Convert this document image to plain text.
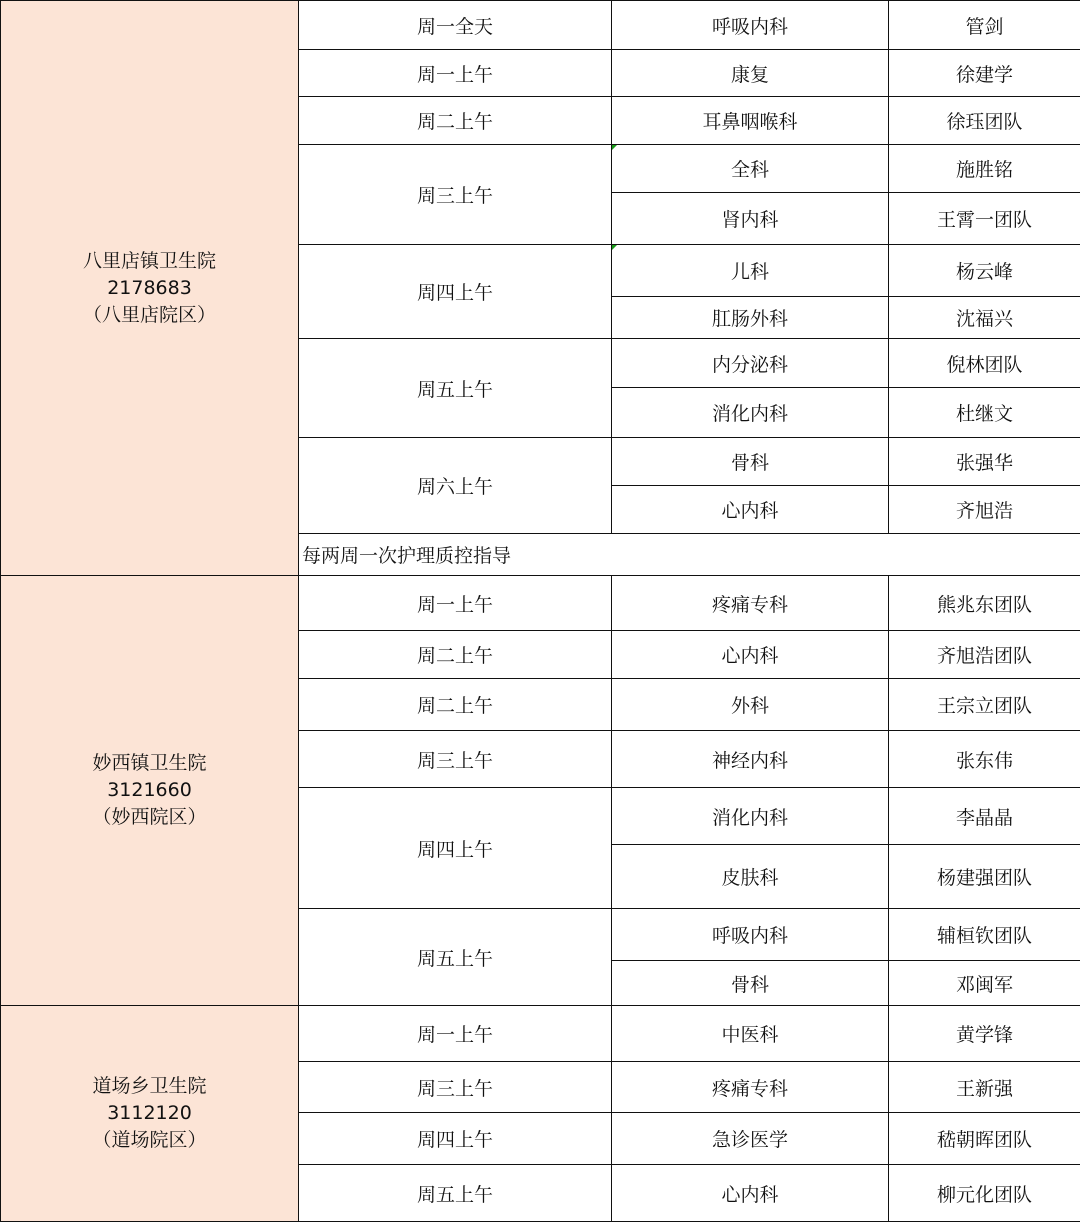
八里店镇卫生院
2178683
（八里店院区）
周一全天	呼吸内科	管剑
周一上午	康复	徐建学
周二上午	耳鼻咽喉科	徐珏团队
周三上午
全科	施胜铭
肾内科	王霄一团队
周四上午
儿科	杨云峰
肛肠外科	沈福兴
周五上午
内分泌科	倪林团队
消化内科	杜继文
周六上午
骨科	张强华
心内科	齐旭浩
每两周一次护理质控指导
妙西镇卫生院
3121660
（妙西院区）
周一上午	疼痛专科	熊兆东团队
周二上午	心内科	齐旭浩团队
周二上午	外科	王宗立团队
周三上午	神经内科	张东伟
周四上午
消化内科	李晶晶
皮肤科	杨建强团队
周五上午
呼吸内科	辅桓钦团队
骨科	邓闽军
道场乡卫生院
3112120
（道场院区）
周一上午	中医科	黄学锋
周三上午	疼痛专科	王新强
周四上午	急诊医学	嵇朝晖团队
周五上午	心内科	柳元化团队
